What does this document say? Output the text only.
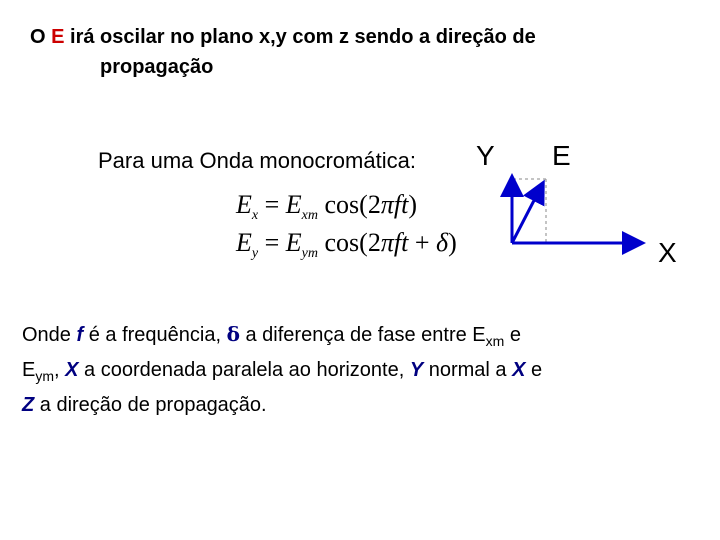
O E irá oscilar no plano x,y com z sendo a direção de
propagação
Para uma Onda monocromática:
$E_x = E_{xm}$ cos(2πft)
$E_y = E_{ym}$ cos(2πft + δ)
Y E
X
Onde f é a frequência, δ a diferença de fase entre $E_{xm}$ e
$E_{ym}$, X a coordenada paralela ao horizonte, Y normal a X e
Z a direção de propagação.
